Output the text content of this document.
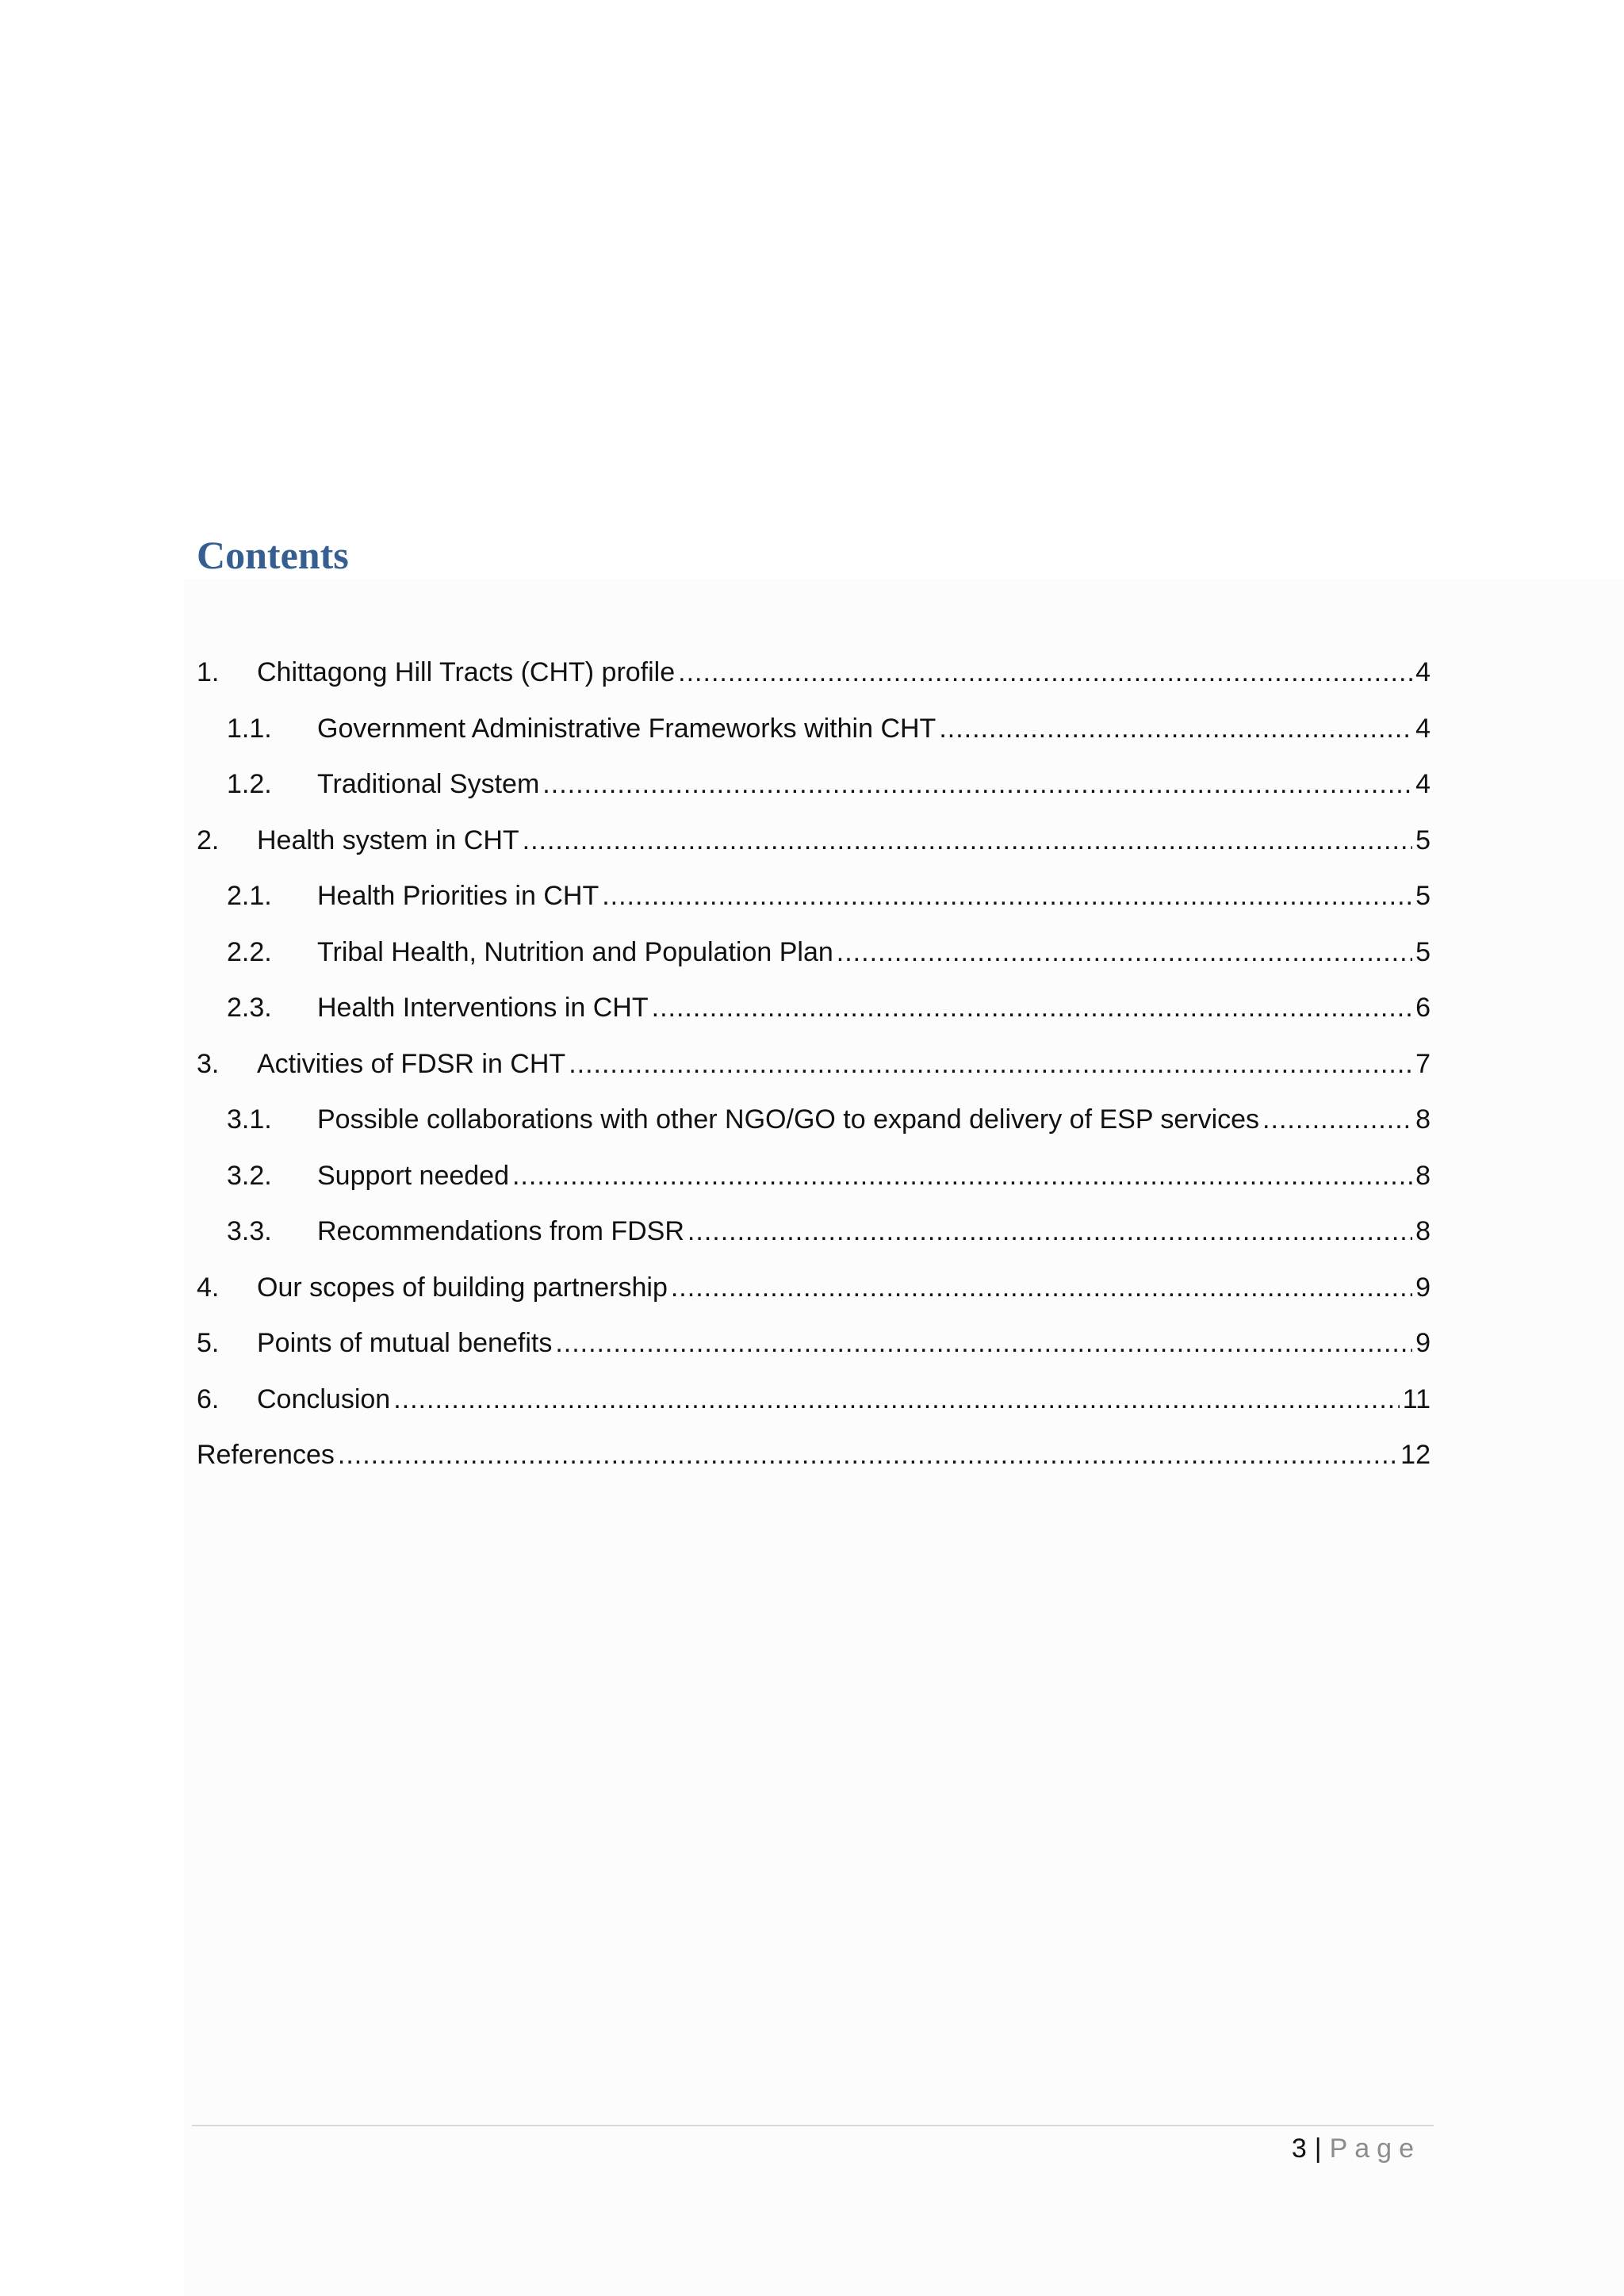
Contents
1.	Chittagong Hill Tracts (CHT) profile .....	4
1.1.	Government Administrative Frameworks within CHT .....	4
1.2.	Traditional System .....	4
2.	Health system in CHT .....	5
2.1.	Health Priorities in CHT .....	5
2.2.	Tribal Health, Nutrition and Population Plan .....	5
2.3.	Health Interventions in CHT .....	6
3.	Activities of FDSR in CHT .....	7
3.1.	Possible collaborations with other NGO/GO to expand delivery of ESP services .....	8
3.2.	Support needed .....	8
3.3.	Recommendations from FDSR .....	8
4.	Our scopes of building partnership .....	9
5.	Points of mutual benefits .....	9
6.	Conclusion .....	11
References .....	12
3 | Page
